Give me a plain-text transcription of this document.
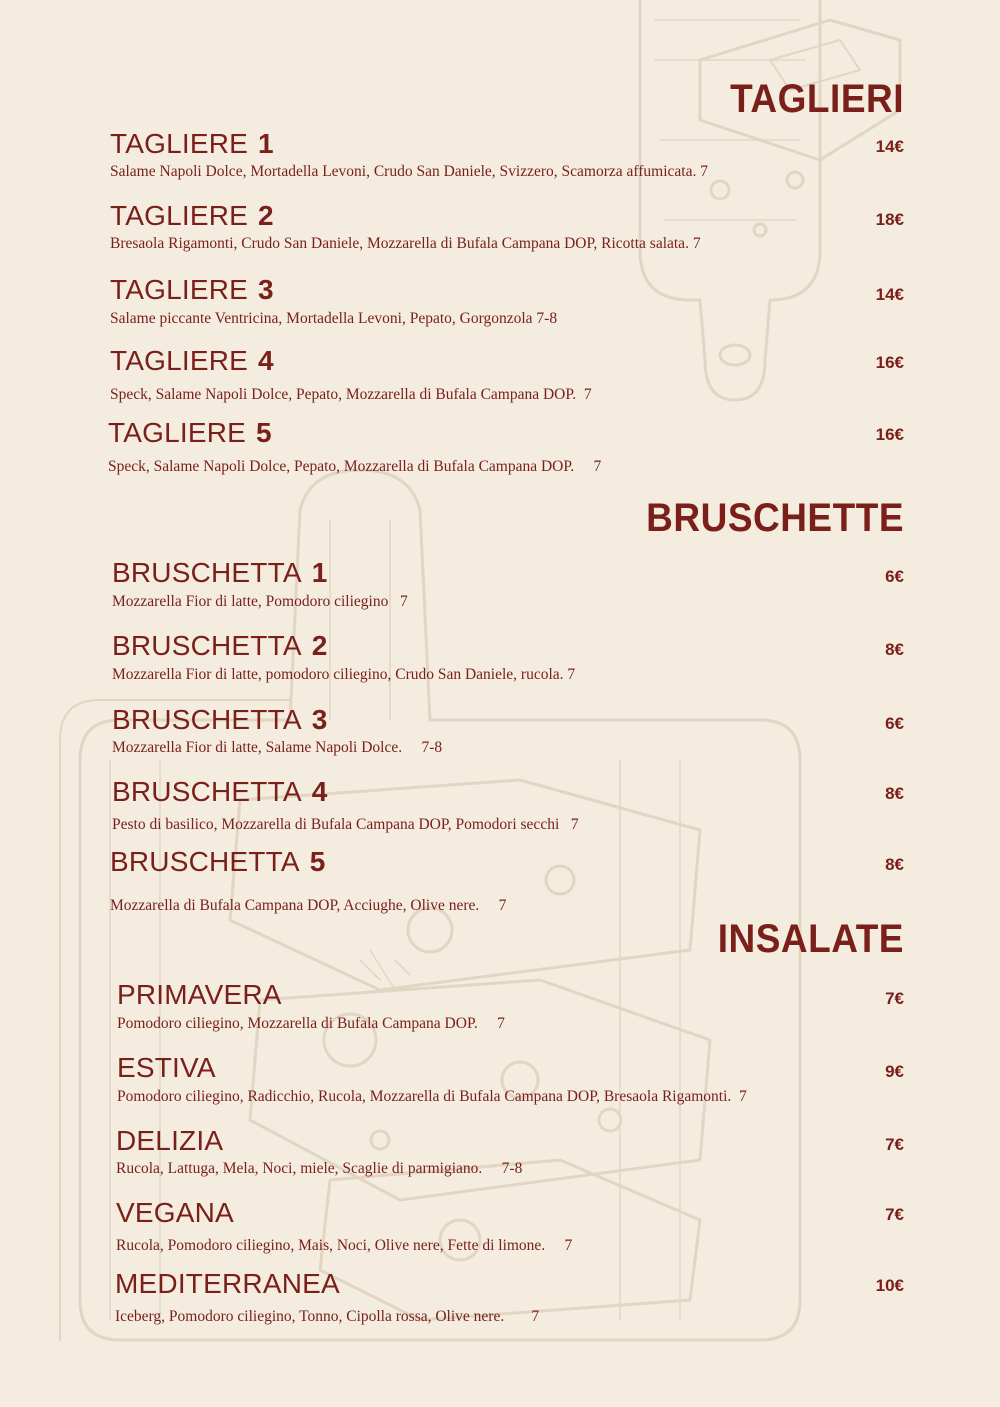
TAGLIERI
TAGLIERE 1
Salame Napoli Dolce, Mortadella Levoni, Crudo San Daniele, Svizzero, Scamorza affumicata. 7
14€
TAGLIERE 2
Bresaola Rigamonti, Crudo San Daniele, Mozzarella di Bufala Campana DOP, Ricotta salata. 7
18€
TAGLIERE 3
Salame piccante Ventricina, Mortadella Levoni, Pepato, Gorgonzola 7-8
14€
TAGLIERE 4
Speck, Salame Napoli Dolce, Pepato, Mozzarella di Bufala Campana DOP.  7
16€
TAGLIERE 5
Speck, Salame Napoli Dolce, Pepato, Mozzarella di Bufala Campana DOP.     7
16€
BRUSCHETTE
BRUSCHETTA 1
Mozzarella Fior di latte, Pomodoro ciliegino   7
6€
BRUSCHETTA 2
Mozzarella Fior di latte, pomodoro ciliegino, Crudo San Daniele, rucola. 7
8€
BRUSCHETTA 3
Mozzarella Fior di latte, Salame Napoli Dolce.     7-8
6€
BRUSCHETTA 4
Pesto di basilico, Mozzarella di Bufala Campana DOP, Pomodori secchi   7
8€
BRUSCHETTA 5
Mozzarella di Bufala Campana DOP, Acciughe, Olive nere.     7
8€
INSALATE
PRIMAVERA
Pomodoro ciliegino, Mozzarella di Bufala Campana DOP.     7
7€
ESTIVA
Pomodoro ciliegino, Radicchio, Rucola, Mozzarella di Bufala Campana DOP, Bresaola Rigamonti.  7
9€
DELIZIA
Rucola, Lattuga, Mela, Noci, miele, Scaglie di parmigiano.     7-8
7€
VEGANA
Rucola, Pomodoro ciliegino, Mais, Noci, Olive nere, Fette di limone.     7
7€
MEDITERRANEA
Iceberg, Pomodoro ciliegino, Tonno, Cipolla rossa, Olive nere.       7
10€
